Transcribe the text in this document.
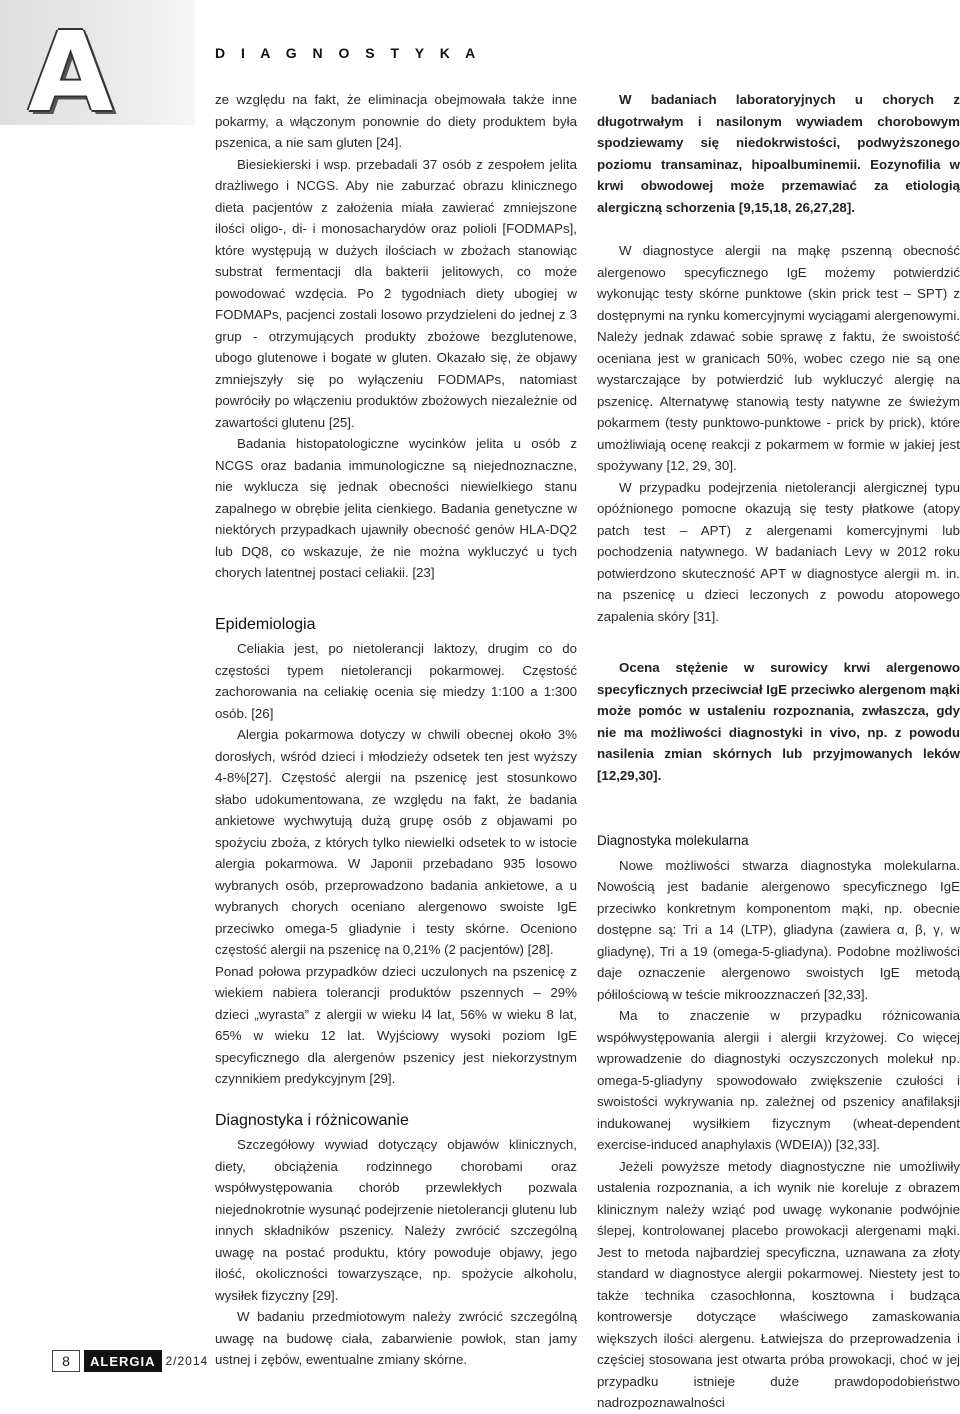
A	D I A G N O S T Y K A

ze względu na fakt, że eliminacja obejmowała także inne pokarmy, a włączonym ponownie do diety produktem była pszenica, a nie sam gluten [24].

Biesiekierski i wsp. przebadali 37 osób z zespołem jelita drażliwego i NCGS. Aby nie zaburzać obrazu klinicznego dieta pacjentów z założenia miała zawierać zmniejszone ilości oligo-, di- i monosacharydów oraz polioli [FODMAPs], które występują w dużych ilościach w zbożach stanowiąc substrat fermentacji dla bakterii jelitowych, co może powodować wzdęcia. Po 2 tygodniach diety ubogiej w FODMAPs, pacjenci zostali losowo przydzieleni do jednej z 3 grup - otrzymujących produkty zbożowe bezglutenowe, ubogo glutenowe i bogate w gluten. Okazało się, że objawy zmniejszyły się po wyłączeniu FODMAPs, natomiast powróciły po włączeniu produktów zbożowych niezależnie od zawartości glutenu [25].

Badania histopatologiczne wycinków jelita u osób z NCGS oraz badania immunologiczne są niejednoznaczne, nie wyklucza się jednak obecności niewielkiego stanu zapalnego w obrębie jelita cienkiego. Badania genetyczne w niektórych przypadkach ujawniły obecność genów HLA-DQ2 lub DQ8, co wskazuje, że nie można wykluczyć u tych chorych latentnej postaci celiakii. [23]

Epidemiologia

Celiakia jest, po nietolerancji laktozy, drugim co do częstości typem nietolerancji pokarmowej. Częstość zachorowania na celiakię ocenia się miedzy 1:100 a 1:300 osób. [26]

Alergia pokarmowa dotyczy w chwili obecnej około 3% dorosłych, wśród dzieci i młodzieży odsetek ten jest wyższy 4-8%[27]. Częstość alergii na pszenicę jest stosunkowo słabo udokumentowana, ze względu na fakt, że badania ankietowe wychwytują dużą grupę osób z objawami po spożyciu zboża, z których tylko niewielki odsetek to w istocie alergia pokarmowa. W Japonii przebadano 935 losowo wybranych osób, przeprowadzono badania ankietowe, a u wybranych chorych oceniano alergenowo swoiste IgE przeciwko omega-5 gliadynie i testy skórne. Oceniono częstość alergii na pszenicę na 0,21% (2 pacjentów) [28].

Ponad połowa przypadków dzieci uczulonych na pszenicę z wiekiem nabiera tolerancji produktów pszennych – 29% dzieci „wyrasta” z alergii w wieku l4 lat, 56% w wieku 8 lat, 65% w wieku 12 lat. Wyjściowy wysoki poziom IgE specyficznego dla alergenów pszenicy jest niekorzystnym czynnikiem predykcyjnym [29].

Diagnostyka i różnicowanie

Szczegółowy wywiad dotyczący objawów klinicznych, diety, obciążenia rodzinnego chorobami oraz współwystępowania chorób przewlekłych pozwala niejednokrotnie wysunąć podejrzenie nietolerancji glutenu lub innych składników pszenicy. Należy zwrócić szczególną uwagę na postać produktu, który powoduje objawy, jego ilość, okoliczności towarzyszące, np. spożycie alkoholu, wysiłek fizyczny [29].

W badaniu przedmiotowym należy zwrócić szczególną uwagę na budowę ciała, zabarwienie powłok, stan jamy ustnej i zębów, ewentualne zmiany skórne.

W badaniach laboratoryjnych u chorych z długotrwałym i nasilonym wywiadem chorobowym spodziewamy się niedokrwistości, podwyższonego poziomu transaminaz, hipoalbuminemii. Eozynofilia w krwi obwodowej może przemawiać za etiologią alergiczną schorzenia [9,15,18, 26,27,28].

W diagnostyce alergii na mąkę pszenną obecność alergenowo specyficznego IgE możemy potwierdzić wykonując testy skórne punktowe (skin prick test – SPT) z dostępnymi na rynku komercyjnymi wyciągami alergenowymi. Należy jednak zdawać sobie sprawę z faktu, że swoistość oceniana jest w granicach 50%, wobec czego nie są one wystarczające by potwierdzić lub wykluczyć alergię na pszenicę. Alternatywę stanowią testy natywne ze świeżym pokarmem (testy punktowo-punktowe - prick by prick), które umożliwiają ocenę reakcji z pokarmem w formie w jakiej jest spożywany [12, 29, 30].

W przypadku podejrzenia nietolerancji alergicznej typu opóźnionego pomocne okazują się testy płatkowe (atopy patch test – APT) z alergenami komercyjnymi lub pochodzenia natywnego. W badaniach Levy w 2012 roku potwierdzono skuteczność APT w diagnostyce alergii m. in. na pszenicę u dzieci leczonych z powodu atopowego zapalenia skóry [31].

Ocena stężenie w surowicy krwi alergenowo specyficznych przeciwciał IgE przeciwko alergenom mąki może pomóc w ustaleniu rozpoznania, zwłaszcza, gdy nie ma możliwości diagnostyki in vivo, np. z powodu nasilenia zmian skórnych lub przyjmowanych leków [12,29,30].

Diagnostyka molekularna

Nowe możliwości stwarza diagnostyka molekularna. Nowością jest badanie alergenowo specyficznego IgE przeciwko konkretnym komponentom mąki, np. obecnie dostępne są: Tri a 14 (LTP), gliadyna (zawiera α, β, γ, w gliadynę), Tri a 19 (omega-5-gliadyna). Podobne możliwości daje oznaczenie alergenowo swoistych IgE metodą półilościową w teście mikroozznaczeń [32,33].

Ma to znaczenie w przypadku różnicowania współwystępowania alergii i alergii krzyżowej. Co więcej wprowadzenie do diagnostyki oczyszczonych molekuł np. omega-5-gliadyny spowodowało zwiększenie czułości i swoistości wykrywania np. zależnej od pszenicy anafilaksji indukowanej wysiłkiem fizycznym (wheat-dependent exercise-induced anaphylaxis (WDEIA)) [32,33].

Jeżeli powyższe metody diagnostyczne nie umożliwiły ustalenia rozpoznania, a ich wynik nie koreluje z obrazem klinicznym należy wziąć pod uwagę wykonanie podwójnie ślepej, kontrolowanej placebo prowokacji alergenami mąki. Jest to metoda najbardziej specyficzna, uznawana za złoty standard w diagnostyce alergii pokarmowej. Niestety jest to także technika czasochłonna, kosztowna i budząca kontrowersje dotyczące właściwego zamaskowania większych ilości alergenu. Łatwiejsza do przeprowadzenia i częściej stosowana jest otwarta próba prowokacji, choć w jej przypadku istnieje duże prawdopodobieństwo nadrozpoznawalności

8	ALERGIA 2/2014
